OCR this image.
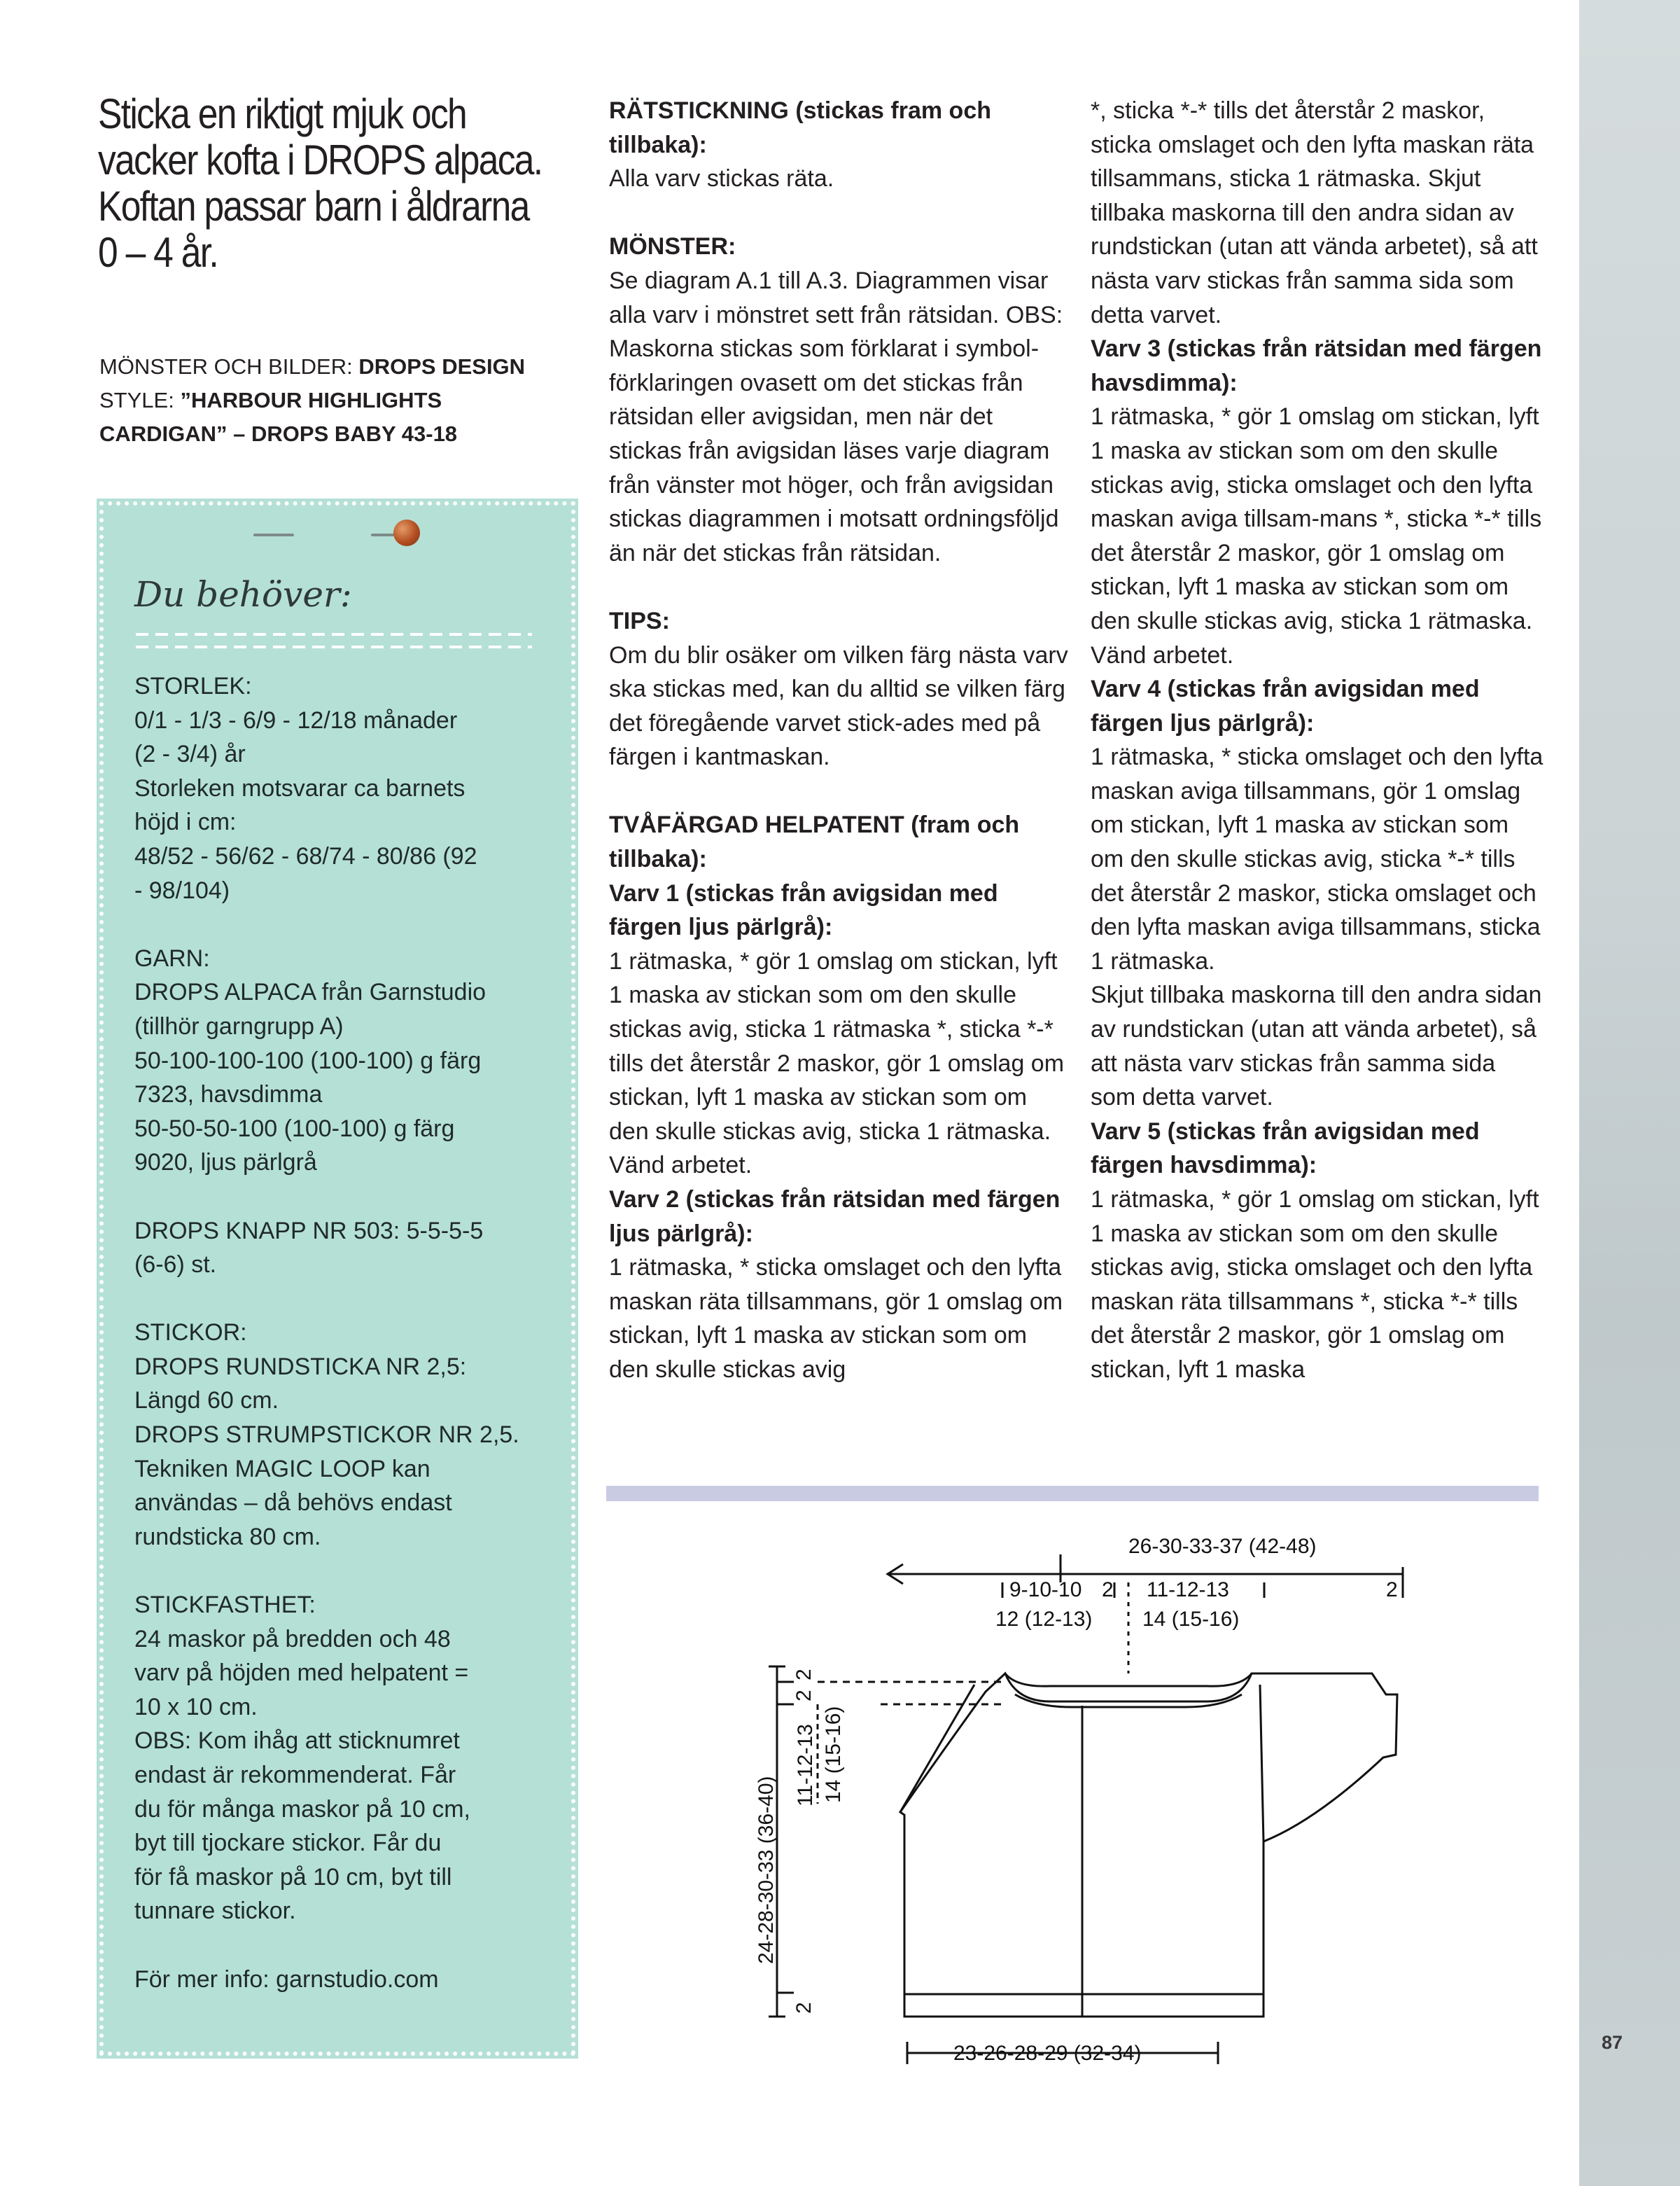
87
Sticka en riktigt mjuk och
vacker kofta i DROPS alpaca.
Koftan passar barn i åldrarna
0 – 4 år.

MÖNSTER OCH BILDER: DROPS DESIGN
STYLE: ”HARBOUR HIGHLIGHTS
CARDIGAN” – DROPS BABY 43-18

Du behöver:

STORLEK:
0/1 - 1/3 - 6/9 - 12/18 månader
(2 - 3/4) år
Storleken motsvarar ca barnets
höjd i cm:
48/52 - 56/62 - 68/74 - 80/86 (92
- 98/104)

GARN:
DROPS ALPACA från Garnstudio
(tillhör garngrupp A)
50-100-100-100 (100-100) g färg
7323, havsdimma
50-50-50-100 (100-100) g färg
9020, ljus pärlgrå

DROPS KNAPP NR 503: 5-5-5-5
(6-6) st.

STICKOR:
DROPS RUNDSTICKA NR 2,5:
Längd 60 cm.
DROPS STRUMPSTICKOR NR 2,5.
Tekniken MAGIC LOOP kan
användas – då behövs endast
rundsticka 80 cm.

STICKFASTHET:
24 maskor på bredden och 48
varv på höjden med helpatent =
10 x 10 cm.
OBS: Kom ihåg att sticknumret
endast är rekommenderat. Får
du för många maskor på 10 cm,
byt till tjockare stickor. Får du
för få maskor på 10 cm, byt till
tunnare stickor.

För mer info: garnstudio.com

RÄTSTICKNING (stickas fram och tillbaka):

Alla varv stickas räta.

MÖNSTER:

Se diagram A.1 till A.3. Diagrammen visar alla varv i mönstret sett från rätsidan. OBS: Maskorna stickas som förklarat i symbol-förklaringen ovasett om det stickas från rätsidan eller avigsidan, men när det stickas från avigsidan läses varje diagram från vänster mot höger, och från avigsidan stickas diagrammen i motsatt ordningsföljd än när det stickas från rätsidan.

TIPS:

Om du blir osäker om vilken färg nästa varv ska stickas med, kan du alltid se vilken färg det föregående varvet stick-ades med på färgen i kantmaskan.

TVÅFÄRGAD HELPATENT (fram och tillbaka):
Varv 1 (stickas från avigsidan med färgen ljus pärlgrå):

1 rätmaska, * gör 1 omslag om stickan, lyft 1 maska av stickan som om den skulle stickas avig, sticka 1 rätmaska *, sticka *-* tills det återstår 2 maskor, gör 1 omslag om stickan, lyft 1 maska av stickan som om den skulle stickas avig, sticka 1 rätmaska. Vänd arbetet.

Varv 2 (stickas från rätsidan med färgen ljus pärlgrå):

1 rätmaska, * sticka omslaget och den lyfta maskan räta tillsammans, gör 1 omslag om stickan, lyft 1 maska av stickan som om den skulle stickas avig

*, sticka *-* tills det återstår 2 maskor, sticka omslaget och den lyfta maskan räta tillsammans, sticka 1 rätmaska. Skjut tillbaka maskorna till den andra sidan av rundstickan (utan att vända arbetet), så att nästa varv stickas från samma sida som detta varvet.

Varv 3 (stickas från rätsidan med färgen havsdimma):

1 rätmaska, * gör 1 omslag om stickan, lyft 1 maska av stickan som om den skulle stickas avig, sticka omslaget och den lyfta maskan aviga tillsam-mans *, sticka *-* tills det återstår 2 maskor, gör 1 omslag om stickan, lyft 1 maska av stickan som om den skulle stickas avig, sticka 1 rätmaska. Vänd arbetet.

Varv 4 (stickas från avigsidan med färgen ljus pärlgrå):

1 rätmaska, * sticka omslaget och den lyfta maskan aviga tillsammans, gör 1 omslag om stickan, lyft 1 maska av stickan som om den skulle stickas avig, sticka *-* tills det återstår 2 maskor, sticka omslaget och den lyfta maskan aviga tillsammans, sticka 1 rätmaska.

Skjut tillbaka maskorna till den andra sidan av rundstickan (utan att vända arbetet), så att nästa varv stickas från samma sida som detta varvet.

Varv 5 (stickas från avigsidan med färgen havsdimma):

1 rätmaska, * gör 1 omslag om stickan, lyft 1 maska av stickan som om den skulle stickas avig, sticka omslaget och den lyfta maskan räta tillsammans *, sticka *-* tills det återstår 2 maskor, gör 1 omslag om stickan, lyft 1 maska

26-30-33-37 (42-48)
9-10-10
12 (12-13)
2 11-12-13
14 (15-16)
2
24-28-30-33 (36-40)
11-12-13 14 (15-16)
2
2
2
23-26-28-29 (32-34)
